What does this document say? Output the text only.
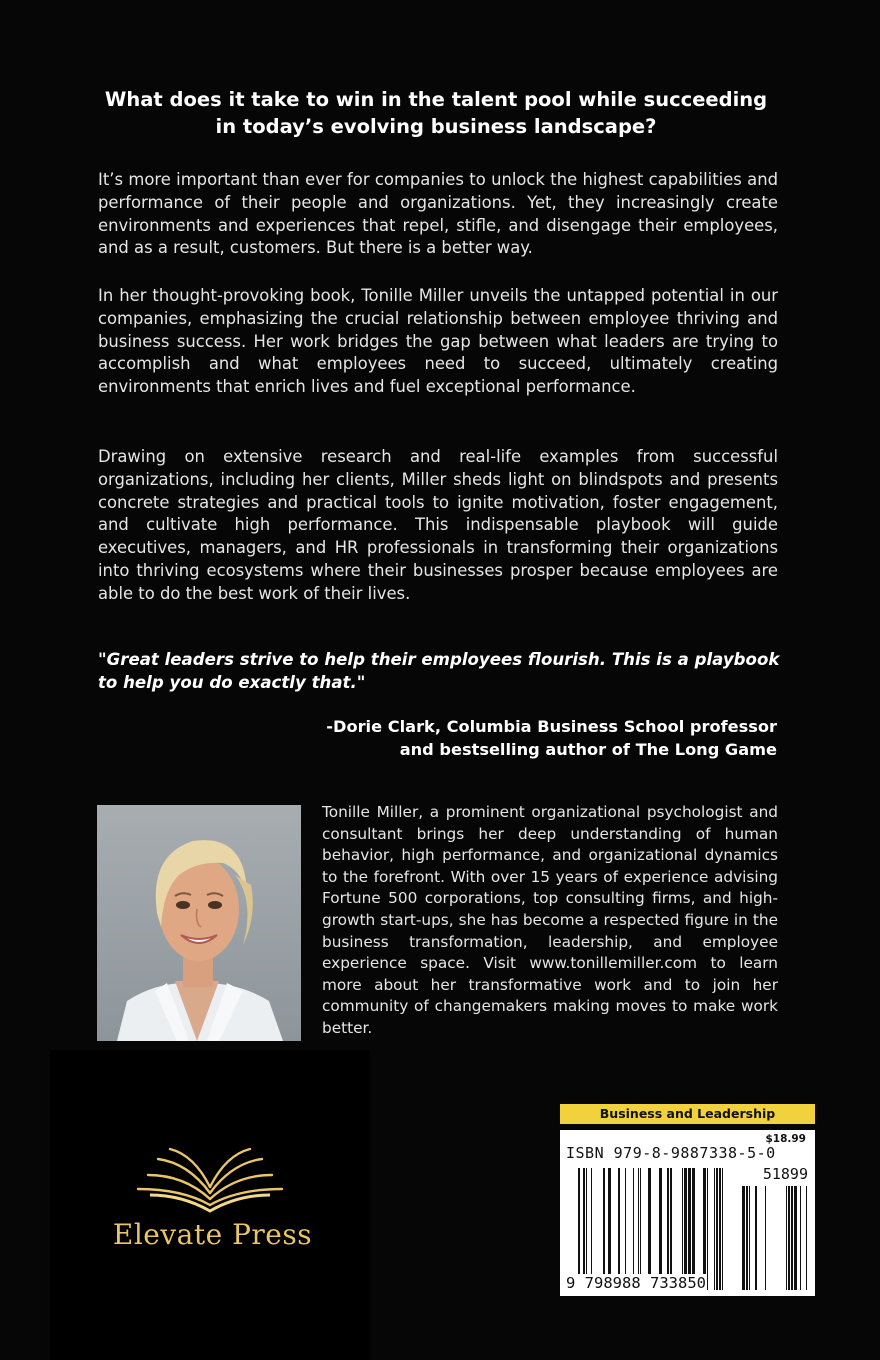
What does it take to win in the talent pool while succeeding in today’s evolving business landscape?

It’s more important than ever for companies to unlock the highest capabilities and performance of their people and organizations. Yet, they increasingly create environments and experiences that repel, stifle, and disengage their employees, and as a result, customers. But there is a better way.

In her thought-provoking book, Tonille Miller unveils the untapped potential in our companies, emphasizing the crucial relationship between employee thriving and business success. Her work bridges the gap between what leaders are trying to accomplish and what employees need to succeed, ultimately creating environments that enrich lives and fuel exceptional performance.

Drawing on extensive research and real-life examples from successful organizations, including her clients, Miller sheds light on blindspots and presents concrete strategies and practical tools to ignite motivation, foster engagement, and cultivate high performance. This indispensable playbook will guide executives, managers, and HR professionals in transforming their organizations into thriving ecosystems where their businesses prosper because employees are able to do the best work of their lives.

"Great leaders strive to help their employees flourish. This is a playbook to help you do exactly that."

-Dorie Clark, Columbia Business School professor
and bestselling author of The Long Game

Tonille Miller, a prominent organizational psychologist and consultant brings her deep understanding of human behavior, high performance, and organizational dynamics to the forefront. With over 15 years of experience advising Fortune 500 corporations, top consulting firms, and high-growth start-ups, she has become a respected figure in the business transformation, leadership, and employee experience space. Visit www.tonillemiller.com to learn more about her transformative work and to join her community of changemakers making moves to make work better.

Elevate Press
Business and Leadership
$18.99
ISBN 979-8-9887338-5-0
51899
9 798988 733850
